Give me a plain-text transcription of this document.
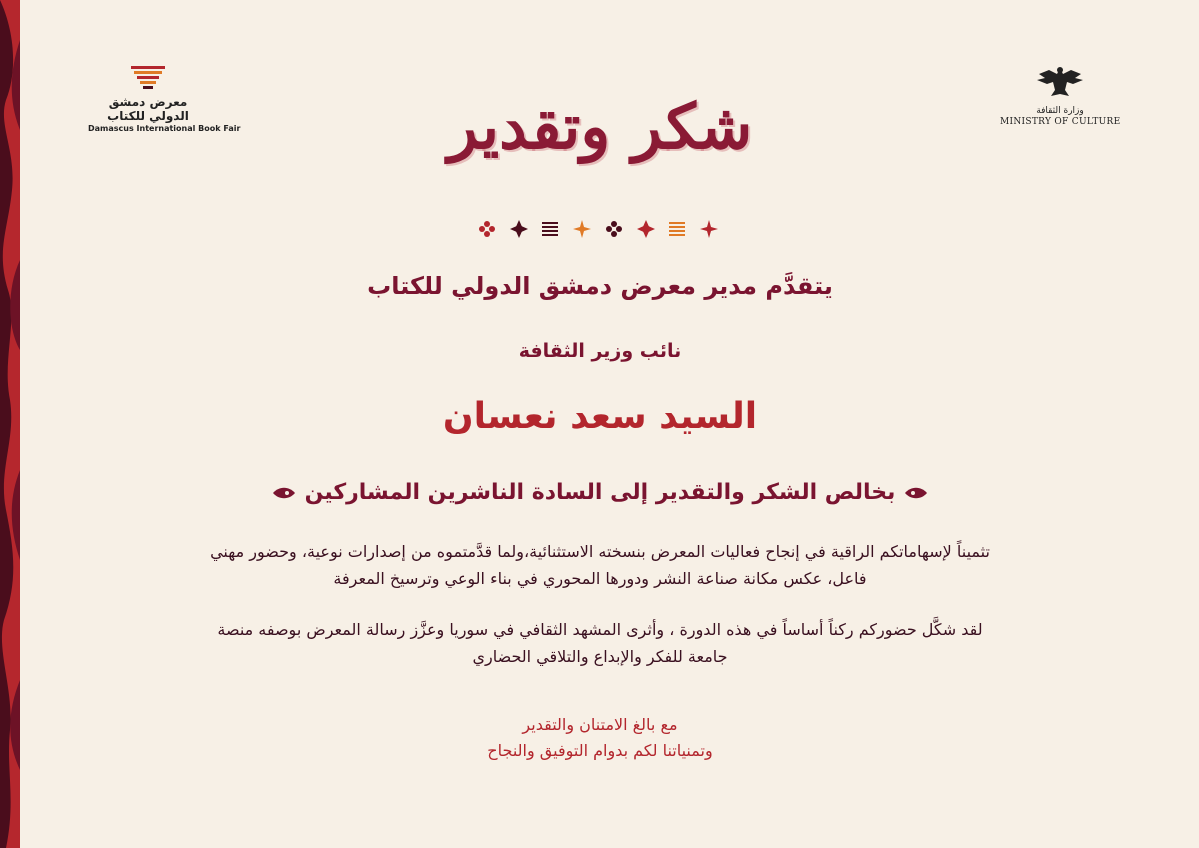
معرض دمشق
الدولي للكتاب
Damascus International Book Fair
وزارة الثقافة
MINISTRY OF CULTURE
شكر وتقدير
يتقدَّم مدير معرض دمشق الدولي للكتاب
نائب وزير الثقافة
السيد سعد نعسان
بخالص الشكر والتقدير إلى السادة الناشرين المشاركين
تثميناً لإسهاماتكم الراقية في إنجاح فعاليات المعرض بنسخته الاستثنائية،ولما قدَّمتموه من إصدارات نوعية، وحضور مهني فاعل، عكس مكانة صناعة النشر ودورها المحوري في بناء الوعي وترسيخ المعرفة
لقد شكَّل حضوركم ركناً أساساً في هذه الدورة ، وأثرى المشهد الثقافي في سوريا وعزَّز رسالة المعرض بوصفه منصة جامعة للفكر والإبداع والتلاقي الحضاري
مع بالغ الامتنان والتقدير
وتمنياتنا لكم بدوام التوفيق والنجاح
